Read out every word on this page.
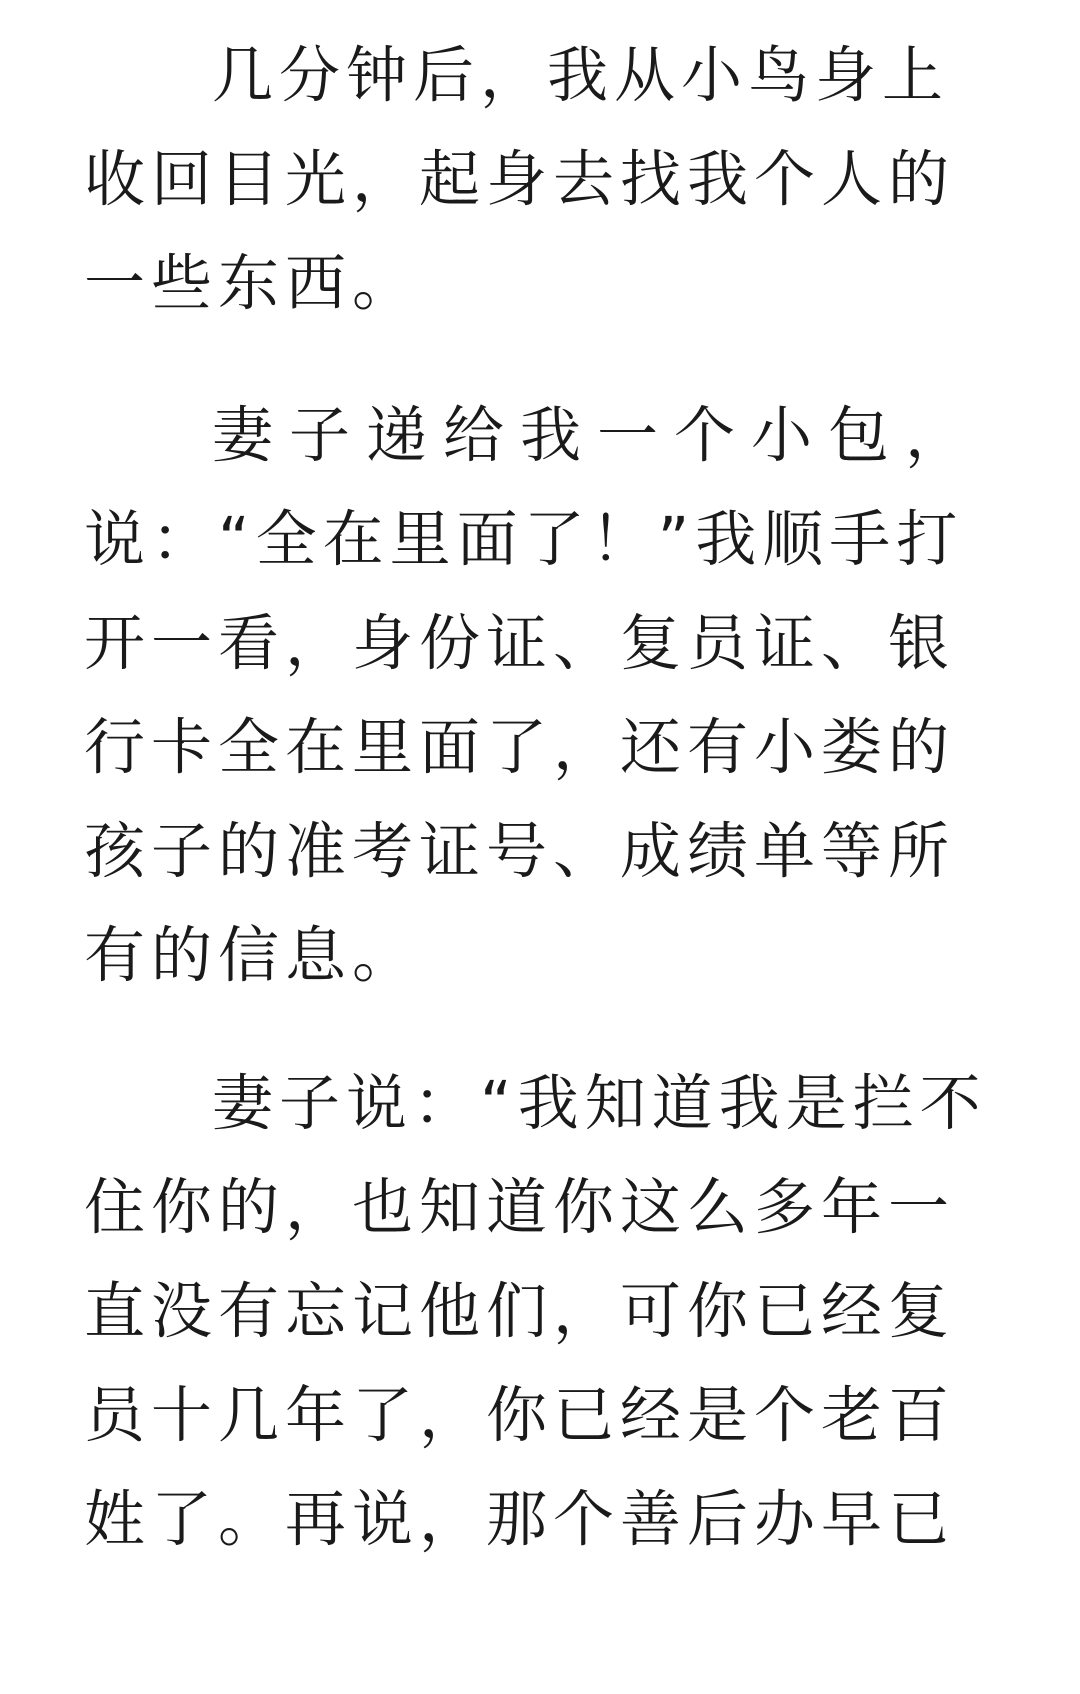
几分钟后，我从小鸟身上
收回目光，起身去找我个人的
一些东西。
妻子递给我一个小包，
说：“全在里面了！”我顺手打
开一看，身份证、复员证、银
行卡全在里面了，还有小娄的
孩子的准考证号、成绩单等所
有的信息。
妻子说：“我知道我是拦不
住你的，也知道你这么多年一
直没有忘记他们，可你已经复
员十几年了，你已经是个老百
姓了。再说，那个善后办早已
